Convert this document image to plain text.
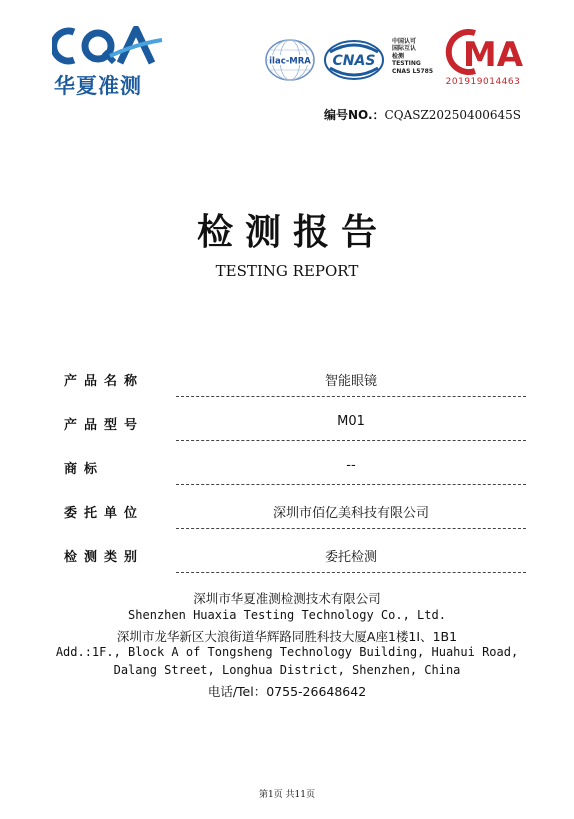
华夏准测
ilac-MRA CNAS
中国认可
国际互认
检测
TESTING
CNAS L5785 MA
201919014463
编号NO.：CQASZ20250400645S
检测报告
TESTING REPORT
产品名称	智能眼镜
产品型号	M01
商标	--
委托单位	深圳市佰亿美科技有限公司
检测类别	委托检测
深圳市华夏准测检测技术有限公司
Shenzhen Huaxia Testing Technology Co., Ltd.
深圳市龙华新区大浪街道华辉路同胜科技大厦A座1楼1I、1B1
Add.:1F., Block A of Tongsheng Technology Building, Huahui Road,
Dalang Street, Longhua District, Shenzhen, China
电话/Tel：0755-26648642
第1页 共11页
